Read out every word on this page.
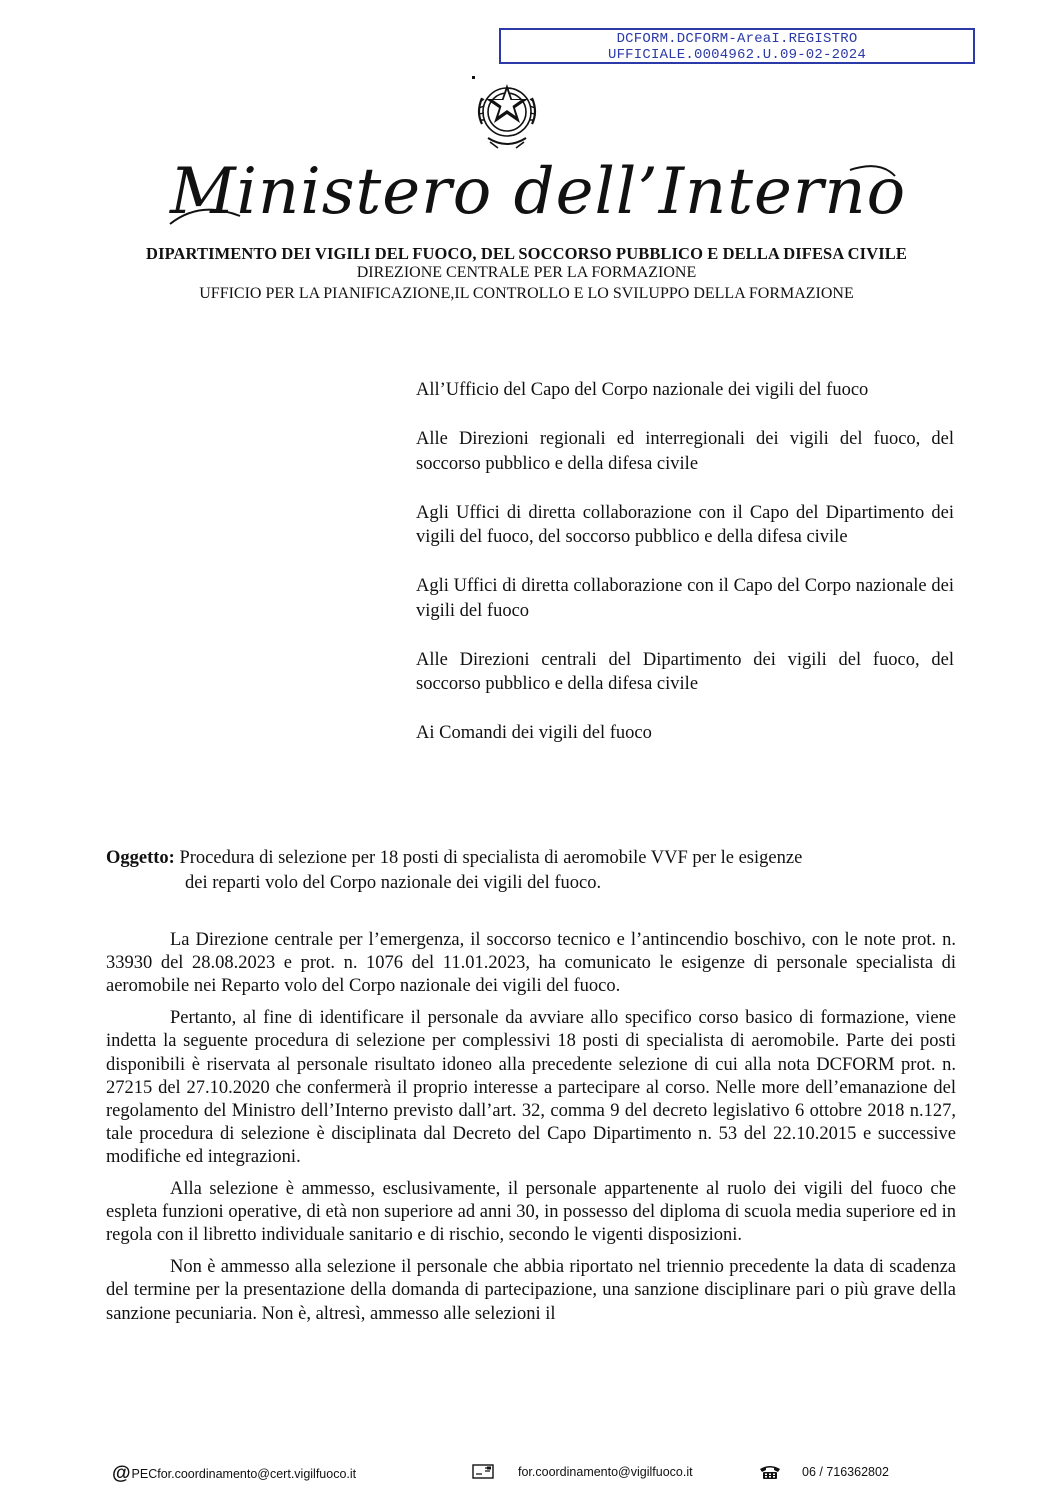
DCFORM.DCFORM-AreaI.REGISTRO
UFFICIALE.0004962.U.09-02-2024
Ministero dell’Interno
DIPARTIMENTO DEI VIGILI DEL FUOCO, DEL SOCCORSO PUBBLICO E DELLA DIFESA CIVILE
DIREZIONE CENTRALE PER LA FORMAZIONE
UFFICIO PER LA PIANIFICAZIONE,IL CONTROLLO E LO SVILUPPO DELLA FORMAZIONE

All’Ufficio del Capo del Corpo nazionale dei vigili del fuoco

Alle Direzioni regionali ed interregionali dei vigili del fuoco, del soccorso pubblico e della difesa civile

Agli Uffici di diretta collaborazione con il Capo del Dipartimento dei vigili del fuoco, del soccorso pubblico e della difesa civile

Agli Uffici di diretta collaborazione con il Capo del Corpo nazionale dei vigili del fuoco

Alle Direzioni centrali del Dipartimento dei vigili del fuoco, del soccorso pubblico e della difesa civile

Ai Comandi dei vigili del fuoco

Oggetto: Procedura di selezione per 18 posti di specialista di aeromobile VVF per le esigenze
dei reparti volo del Corpo nazionale dei vigili del fuoco.

La Direzione centrale per l’emergenza, il soccorso tecnico e l’antincendio boschivo, con le note prot. n. 33930 del 28.08.2023 e prot. n. 1076 del 11.01.2023, ha comunicato le esigenze di personale specialista di aeromobile nei Reparto volo del Corpo nazionale dei vigili del fuoco.

Pertanto, al fine di identificare il personale da avviare allo specifico corso basico di formazione, viene indetta la seguente procedura di selezione per complessivi 18 posti di specialista di aeromobile. Parte dei posti disponibili è riservata al personale risultato idoneo alla precedente selezione di cui alla nota DCFORM prot. n. 27215 del 27.10.2020 che confermerà il proprio interesse a partecipare al corso. Nelle more dell’emanazione del regolamento del Ministro dell’Interno previsto dall’art. 32, comma 9 del decreto legislativo 6 ottobre 2018 n.127, tale procedura di selezione è disciplinata dal Decreto del Capo Dipartimento n. 53 del 22.10.2015 e successive modifiche ed integrazioni.

Alla selezione è ammesso, esclusivamente, il personale appartenente al ruolo dei vigili del fuoco che espleta funzioni operative, di età non superiore ad anni 30, in possesso del diploma di scuola media superiore ed in regola con il libretto individuale sanitario e di rischio, secondo le vigenti disposizioni.

Non è ammesso alla selezione il personale che abbia riportato nel triennio precedente la data di scadenza del termine per la presentazione della domanda di partecipazione, una sanzione disciplinare pari o più grave della sanzione pecuniaria. Non è, altresì, ammesso alle selezioni il

@ PECfor.coordinamento@cert.vigilfuoco.it	for.coordinamento@vigilfuoco.it	06 / 716362802
